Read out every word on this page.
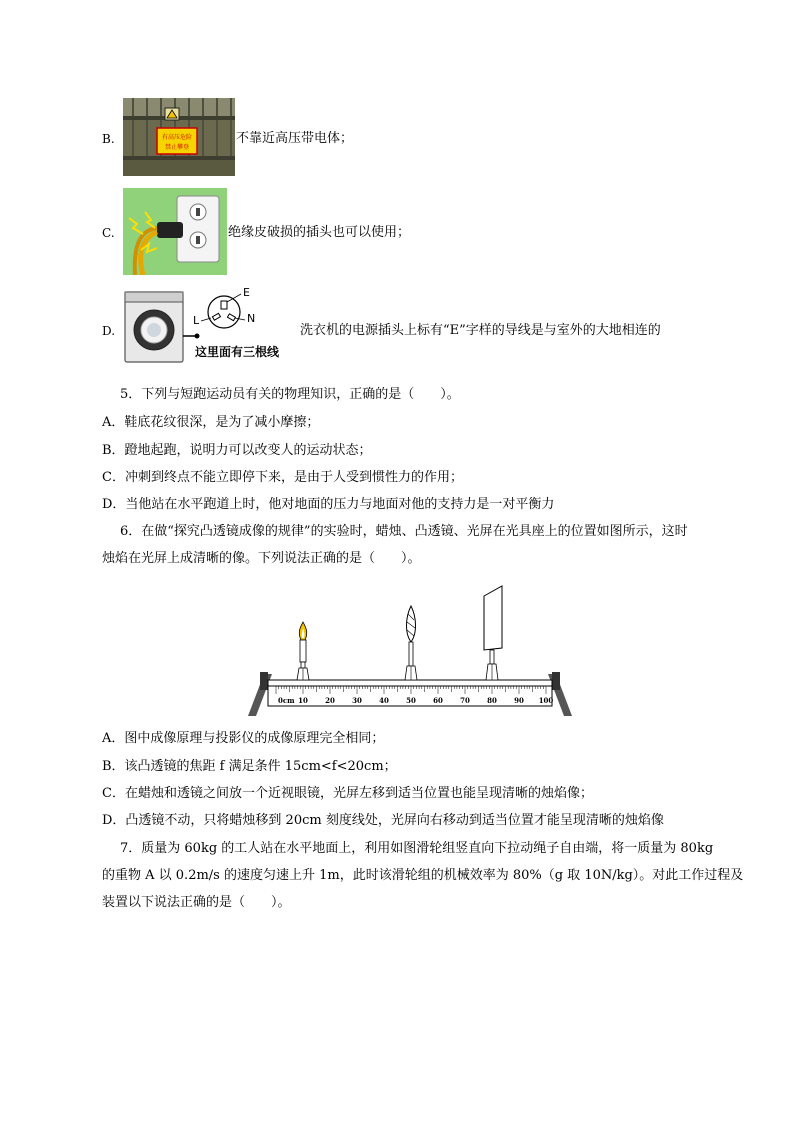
B.	有高压危险
禁止攀登
不靠近高压带电体；
C.	绝缘皮破损的插头也可以使用；
D.
E
L	N
这里面有三根线
洗衣机的电源插头上标有“E”字样的导线是与室外的大地相连的
5．下列与短跑运动员有关的物理知识，正确的是（　　）。
A．鞋底花纹很深，是为了减小摩擦；
B．蹬地起跑，说明力可以改变人的运动状态；
C．冲刺到终点不能立即停下来，是由于人受到惯性力的作用；
D．当他站在水平跑道上时，他对地面的压力与地面对他的支持力是一对平衡力
6．在做“探究凸透镜成像的规律”的实验时，蜡烛、凸透镜、光屏在光具座上的位置如图所示，这时
烛焰在光屏上成清晰的像。下列说法正确的是（　　）。
0cm 10 20 30 40 50 60 70 80 90 100
A．图中成像原理与投影仪的成像原理完全相同；
B．该凸透镜的焦距 f 满足条件 15cm<f<20cm；
C．在蜡烛和透镜之间放一个近视眼镜，光屏左移到适当位置也能呈现清晰的烛焰像；
D．凸透镜不动，只将蜡烛移到 20cm 刻度线处，光屏向右移动到适当位置才能呈现清晰的烛焰像
7．质量为 60kg 的工人站在水平地面上，利用如图滑轮组竖直向下拉动绳子自由端，将一质量为 80kg
的重物 A 以 0.2m/s 的速度匀速上升 1m，此时该滑轮组的机械效率为 80%（g 取 10N/kg）。对此工作过程及
装置以下说法正确的是（　　）。
